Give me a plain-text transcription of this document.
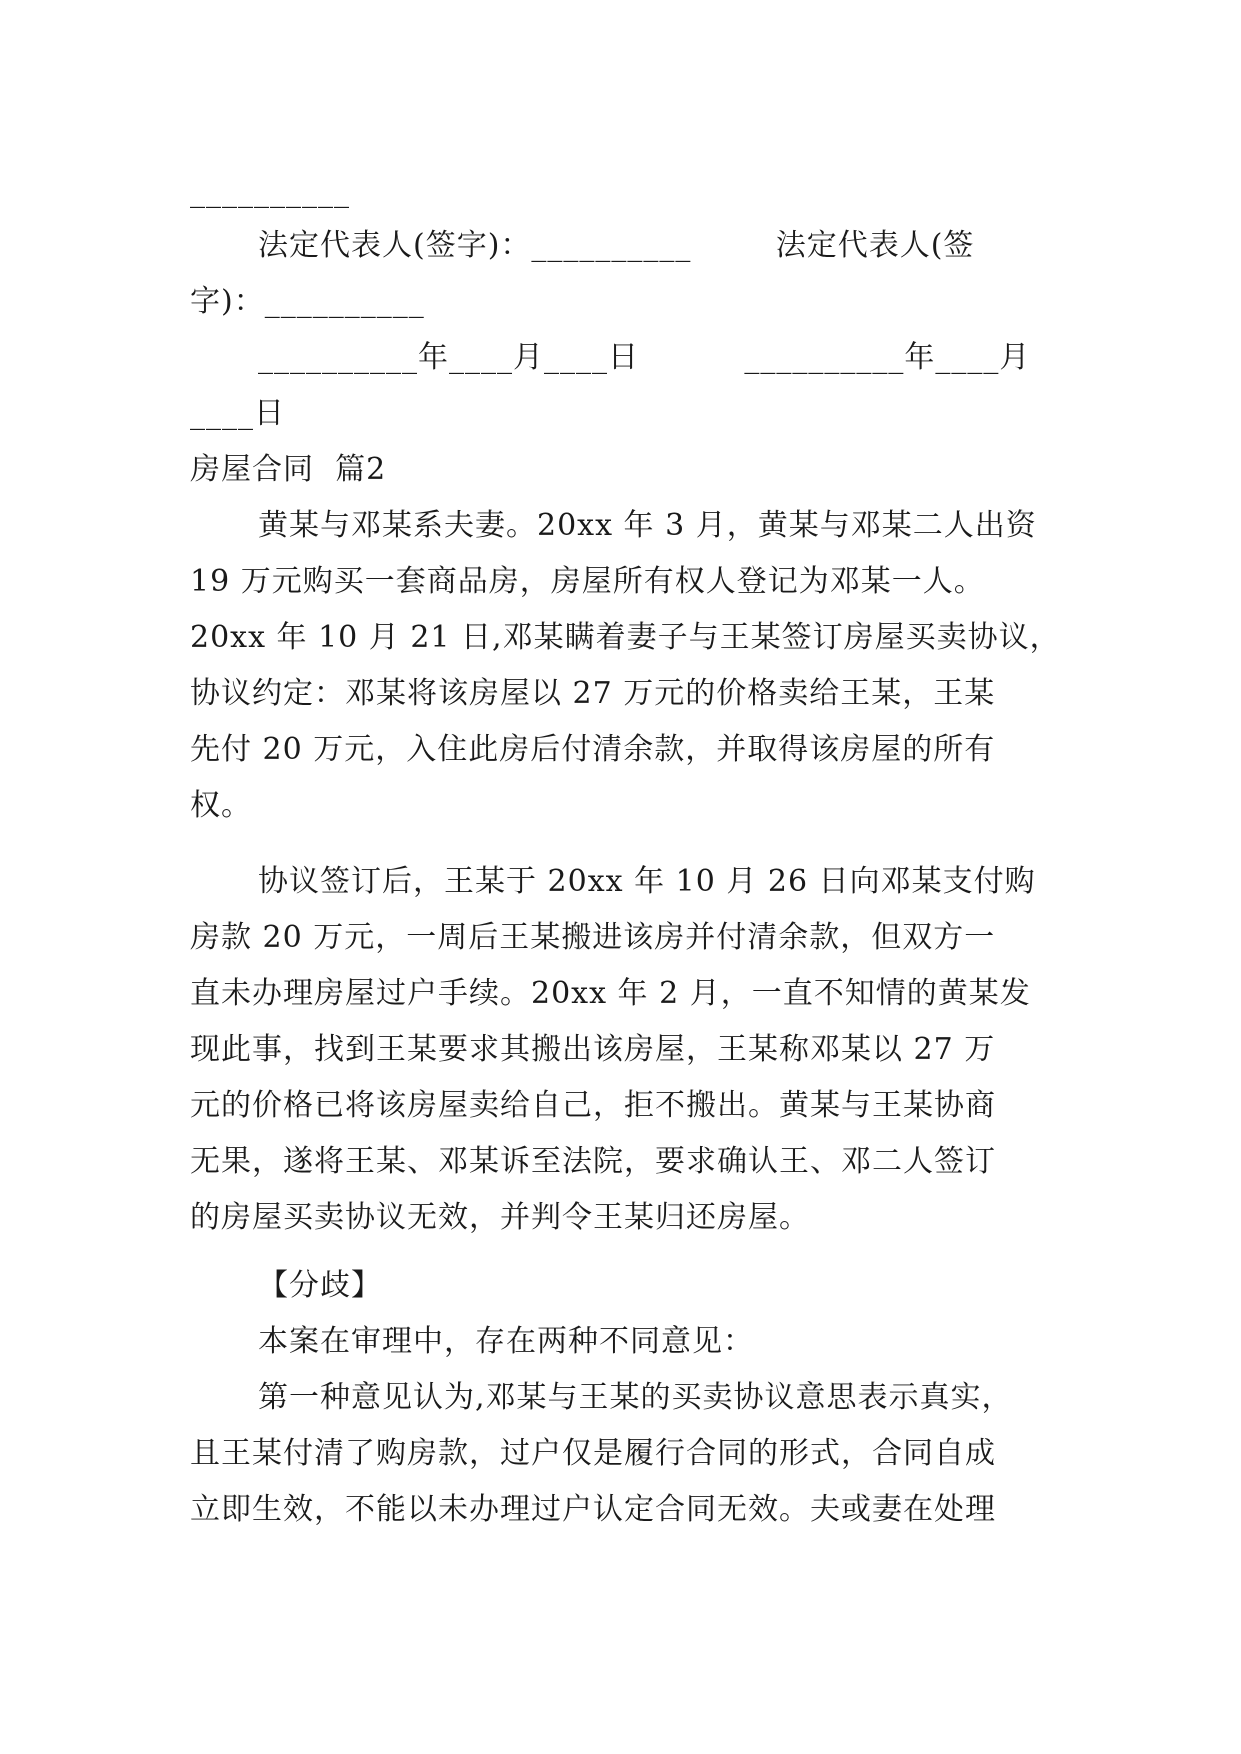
__________
法定代表人(签字)：__________        法定代表人(签
字)：__________
__________年____月____日          __________年____月
____日
房屋合同  篇2
黄某与邓某系夫妻。20xx 年 3 月，黄某与邓某二人出资
19 万元购买一套商品房，房屋所有权人登记为邓某一人。
20xx 年 10 月 21 日,邓某瞒着妻子与王某签订房屋买卖协议，
协议约定：邓某将该房屋以 27 万元的价格卖给王某，王某
先付 20 万元，入住此房后付清余款，并取得该房屋的所有
权。
协议签订后，王某于 20xx 年 10 月 26 日向邓某支付购
房款 20 万元，一周后王某搬进该房并付清余款，但双方一
直未办理房屋过户手续。20xx 年 2 月，一直不知情的黄某发
现此事，找到王某要求其搬出该房屋，王某称邓某以 27 万
元的价格已将该房屋卖给自己，拒不搬出。黄某与王某协商
无果，遂将王某、邓某诉至法院，要求确认王、邓二人签订
的房屋买卖协议无效，并判令王某归还房屋。
【分歧】
本案在审理中，存在两种不同意见：
第一种意见认为,邓某与王某的买卖协议意思表示真实，
且王某付清了购房款，过户仅是履行合同的形式，合同自成
立即生效，不能以未办理过户认定合同无效。夫或妻在处理
